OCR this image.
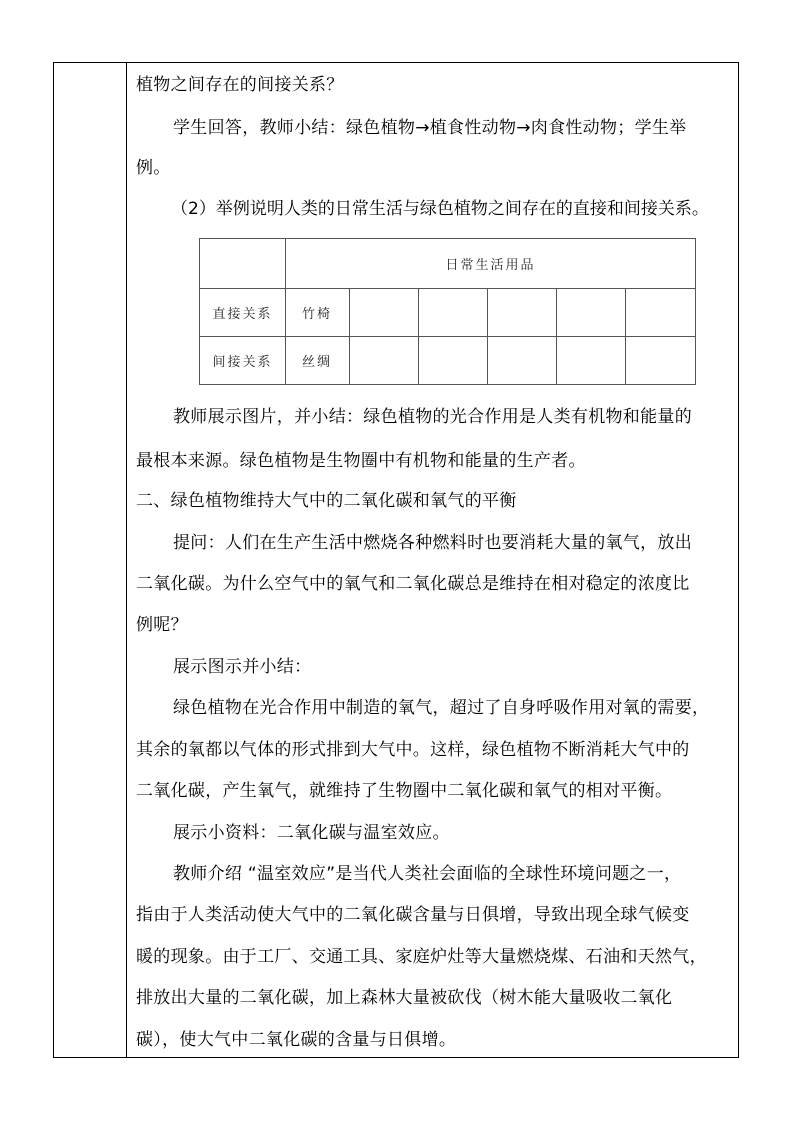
植物之间存在的间接关系？
学生回答，教师小结：绿色植物→植食性动物→肉食性动物；学生举
例。
（2）举例说明人类的日常生活与绿色植物之间存在的直接和间接关系。
	日常生活用品					
直接关系	竹椅					
间接关系	丝绸					
教师展示图片，并小结：绿色植物的光合作用是人类有机物和能量的
最根本来源。绿色植物是生物圈中有机物和能量的生产者。
二、绿色植物维持大气中的二氧化碳和氧气的平衡
提问：人们在生产生活中燃烧各种燃料时也要消耗大量的氧气，放出
二氧化碳。为什么空气中的氧气和二氧化碳总是维持在相对稳定的浓度比
例呢？
展示图示并小结：
绿色植物在光合作用中制造的氧气，超过了自身呼吸作用对氧的需要，
其余的氧都以气体的形式排到大气中。这样，绿色植物不断消耗大气中的
二氧化碳，产生氧气，就维持了生物圈中二氧化碳和氧气的相对平衡。
展示小资料：二氧化碳与温室效应。
教师介绍 “温室效应”是当代人类社会面临的全球性环境问题之一，
指由于人类活动使大气中的二氧化碳含量与日俱增，导致出现全球气候变
暖的现象。由于工厂、交通工具、家庭炉灶等大量燃烧煤、石油和天然气，
排放出大量的二氧化碳，加上森林大量被砍伐（树木能大量吸收二氧化
碳），使大气中二氧化碳的含量与日俱增。
